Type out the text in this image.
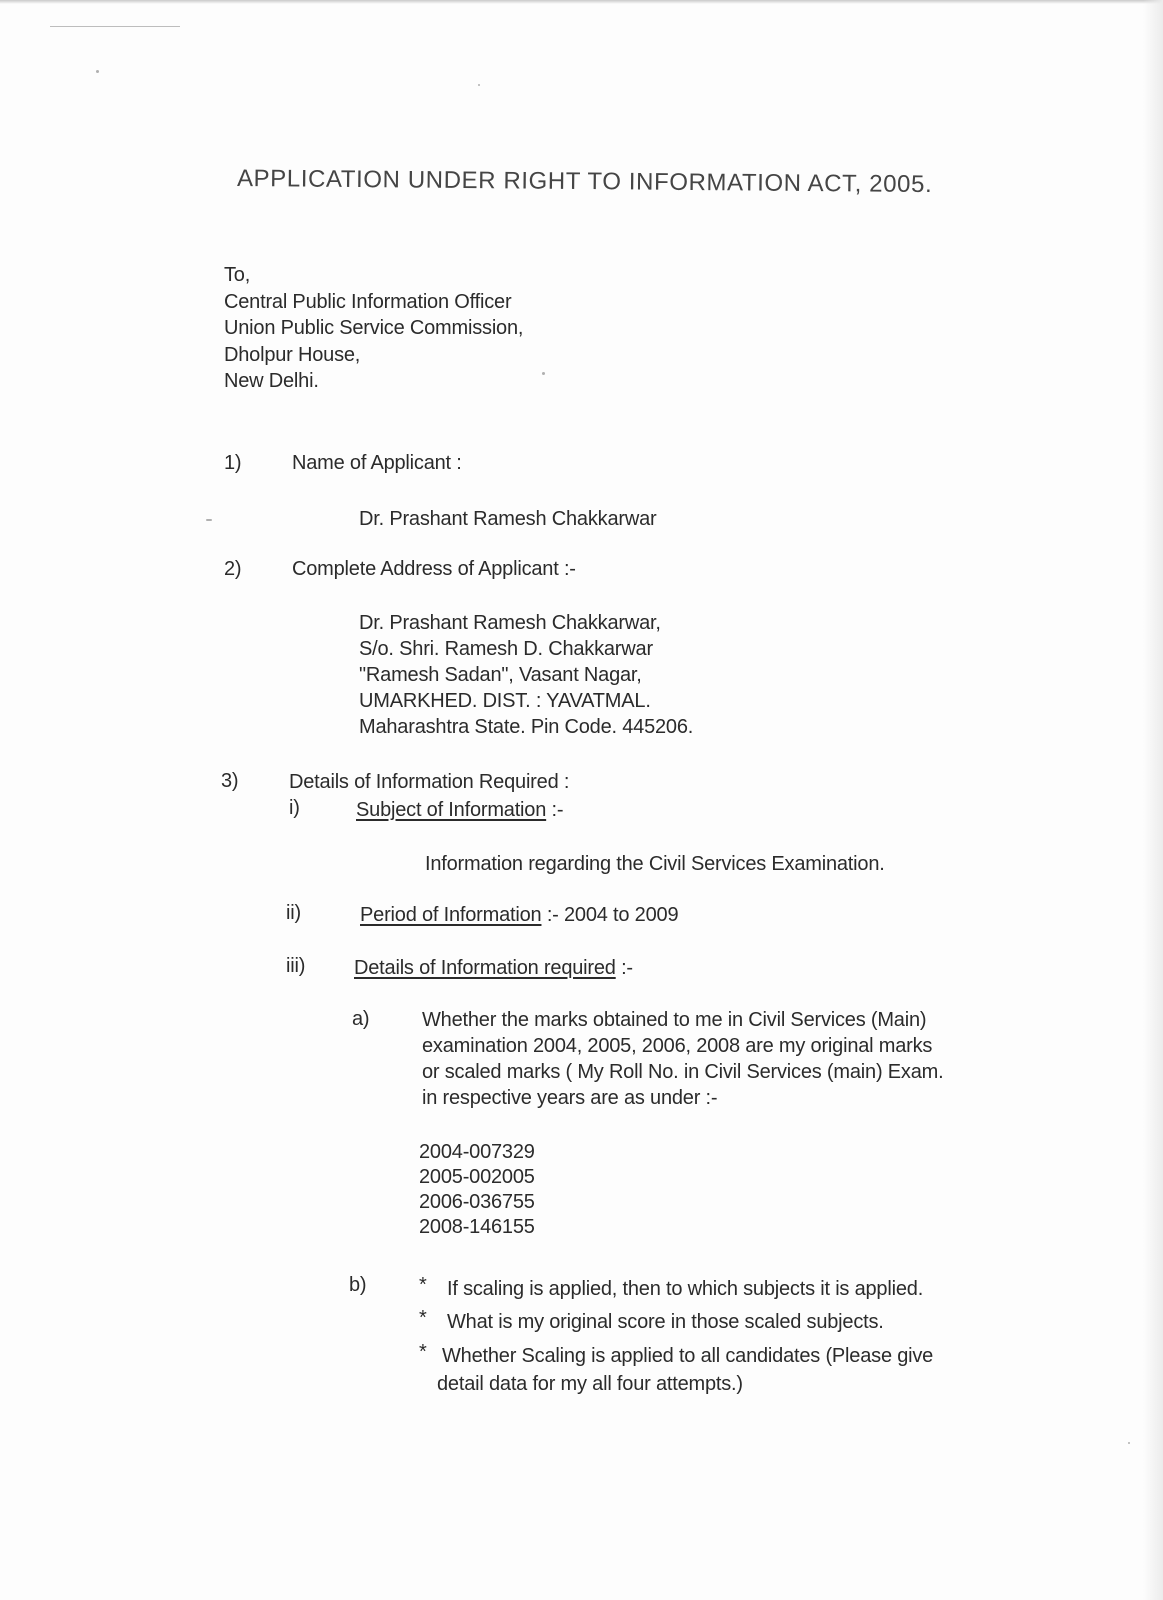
APPLICATION UNDER RIGHT TO INFORMATION ACT, 2005.
To,
Central Public Information Officer
Union Public Service Commission,
Dholpur House,
New Delhi.
1)	Name of Applicant :
Dr. Prashant Ramesh Chakkarwar
2)	Complete Address of Applicant :-
Dr. Prashant Ramesh Chakkarwar,
S/o. Shri. Ramesh D. Chakkarwar
"Ramesh Sadan", Vasant Nagar,
UMARKHED. DIST. : YAVATMAL.
Maharashtra State. Pin Code. 445206.
3)	Details of Information Required :
i)	Subject of Information :-
Information regarding the Civil Services Examination.
ii)	Period of Information :- 2004 to 2009
iii) Details of Information required :-
a)	Whether the marks obtained to me in Civil Services (Main)
examination 2004, 2005, 2006, 2008 are my original marks
or scaled marks ( My Roll No. in Civil Services (main) Exam.
in respective years are as under :-
2004-007329
2005-002005
2006-036755
2008-146155
b)	* If scaling is applied, then to which subjects it is applied.
* What is my original score in those scaled subjects.
* Whether Scaling is applied to all candidates (Please give
detail data for my all four attempts.)
